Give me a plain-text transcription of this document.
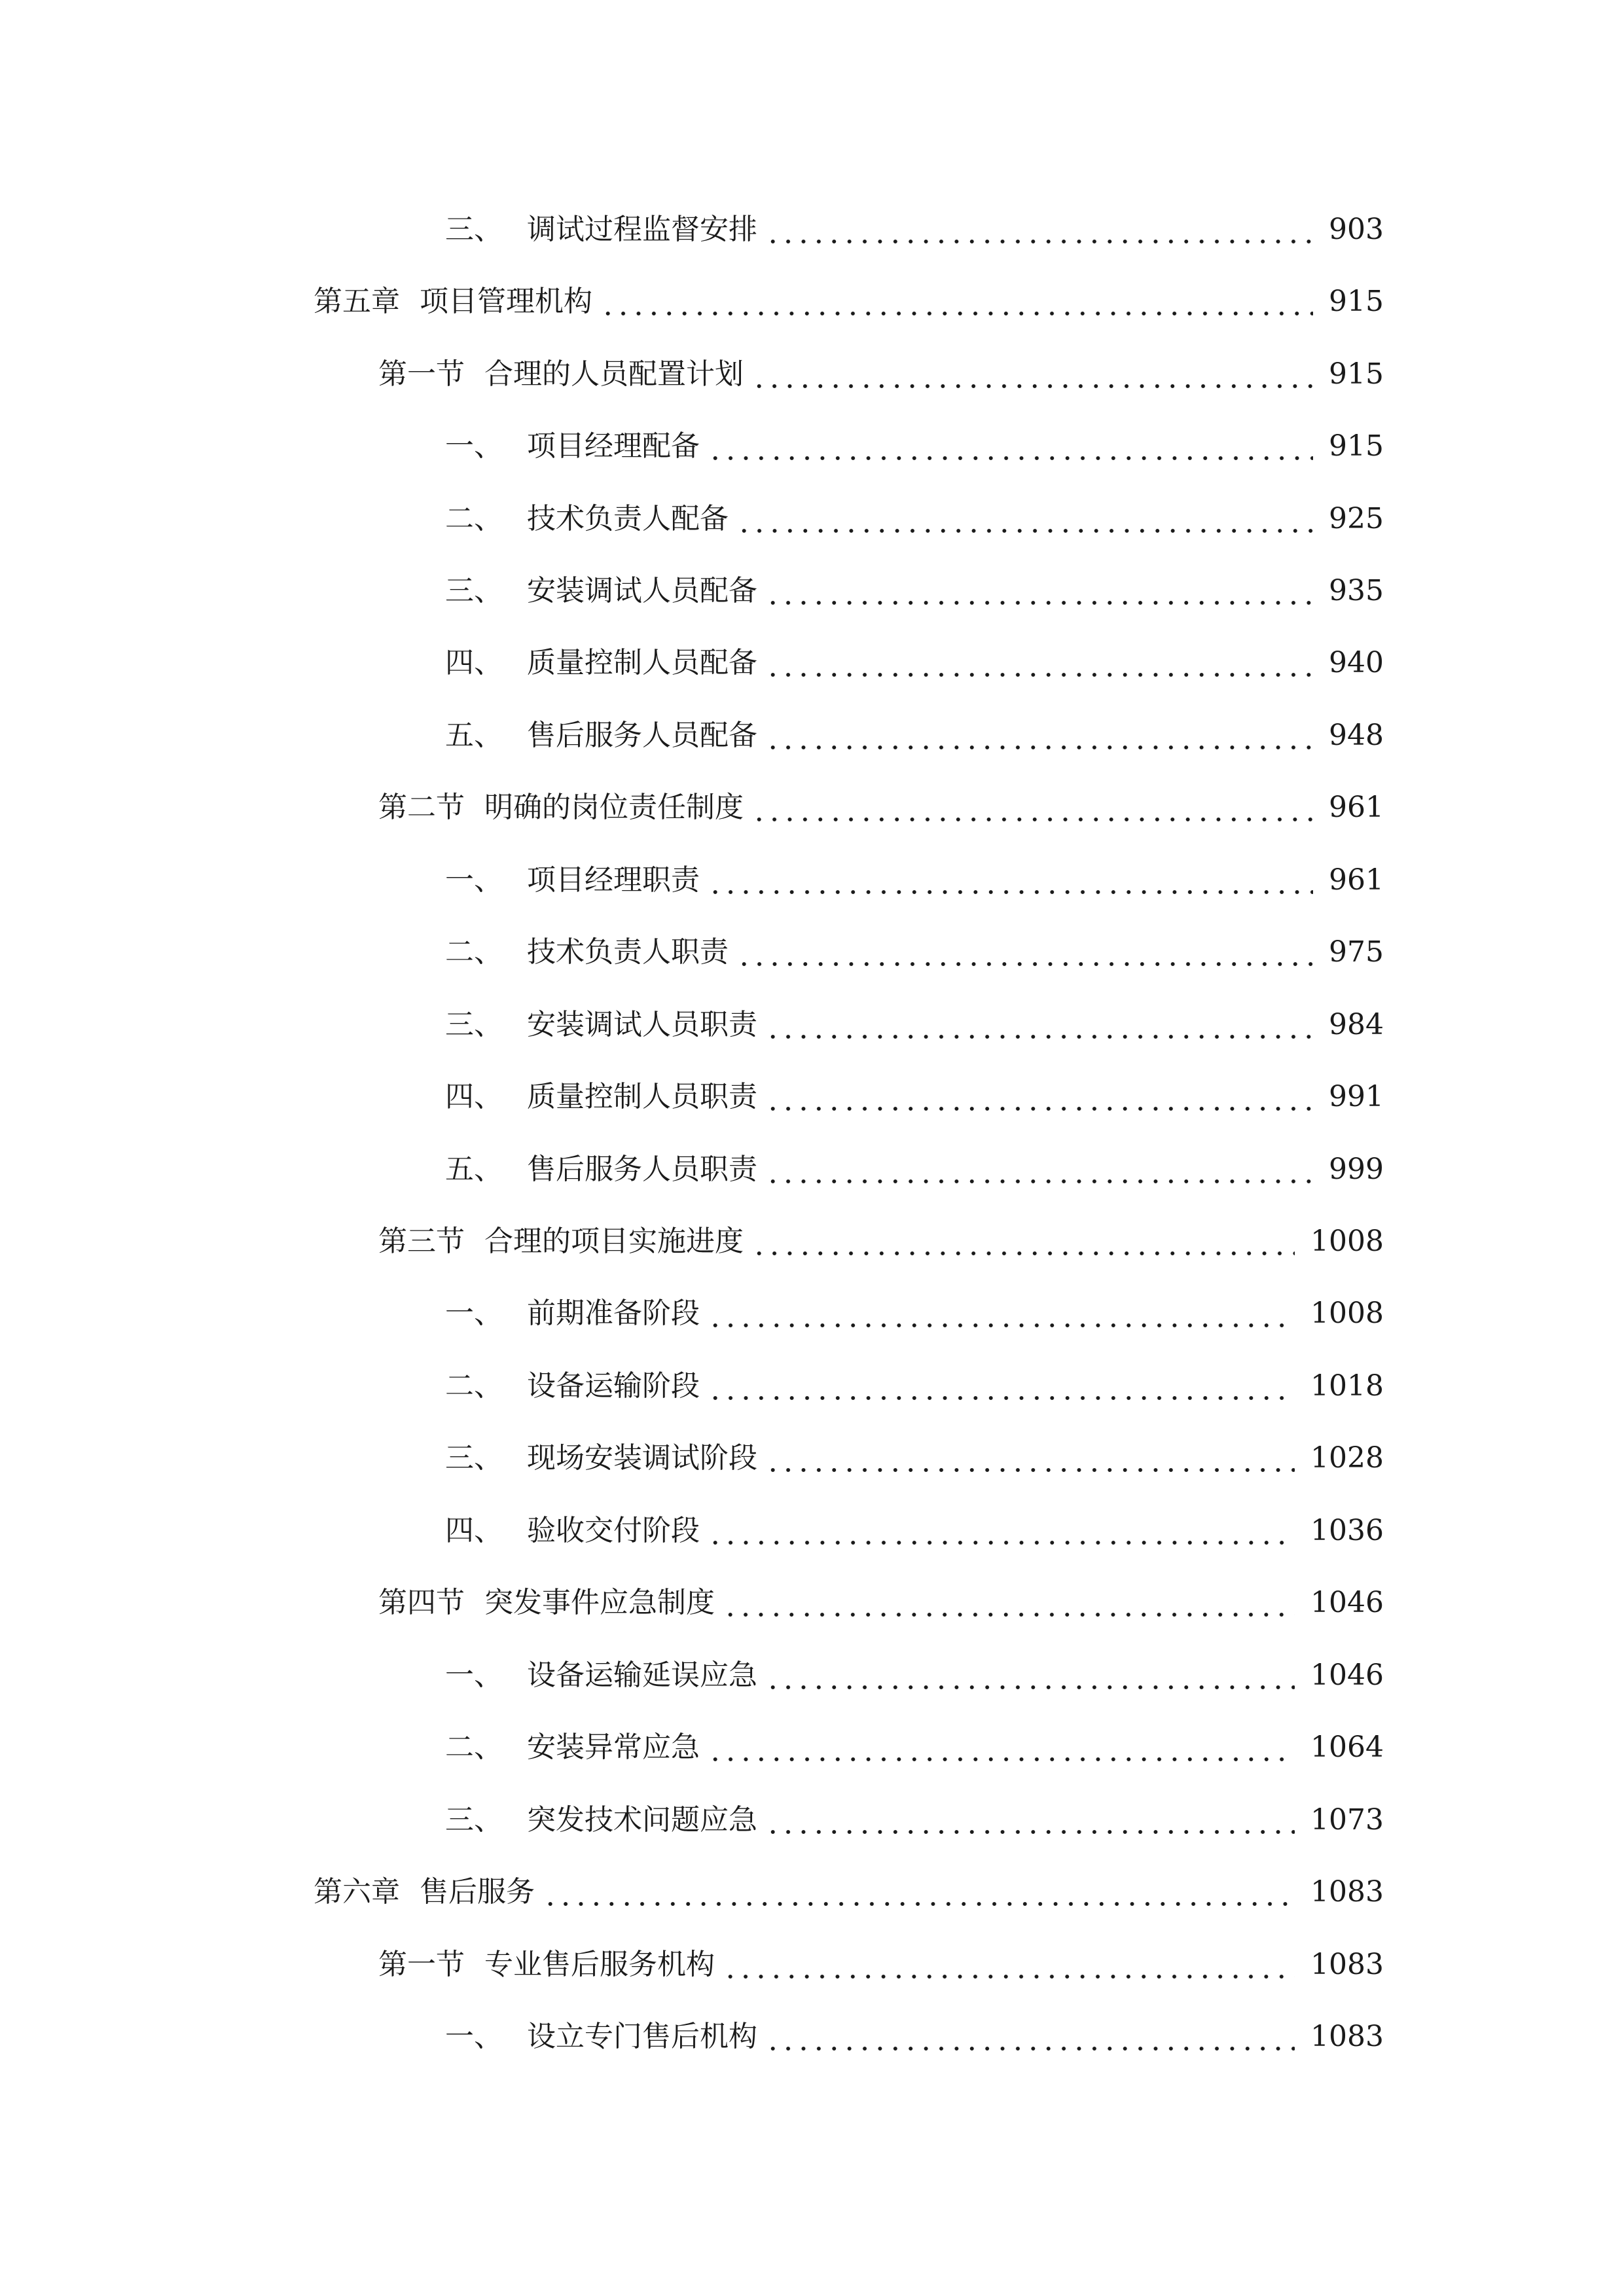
三、 调试过程监督安排	903
第五章 项目管理机构	915
第一节 合理的人员配置计划	915
一、 项目经理配备	915
二、 技术负责人配备	925
三、 安装调试人员配备	935
四、 质量控制人员配备	940
五、 售后服务人员配备	948
第二节 明确的岗位责任制度	961
一、 项目经理职责	961
二、 技术负责人职责	975
三、 安装调试人员职责	984
四、 质量控制人员职责	991
五、 售后服务人员职责	999
第三节 合理的项目实施进度	1008
一、 前期准备阶段	1008
二、 设备运输阶段	1018
三、 现场安装调试阶段	1028
四、 验收交付阶段	1036
第四节 突发事件应急制度	1046
一、 设备运输延误应急	1046
二、 安装异常应急	1064
三、 突发技术问题应急	1073
第六章 售后服务	1083
第一节 专业售后服务机构	1083
一、 设立专门售后机构	1083
